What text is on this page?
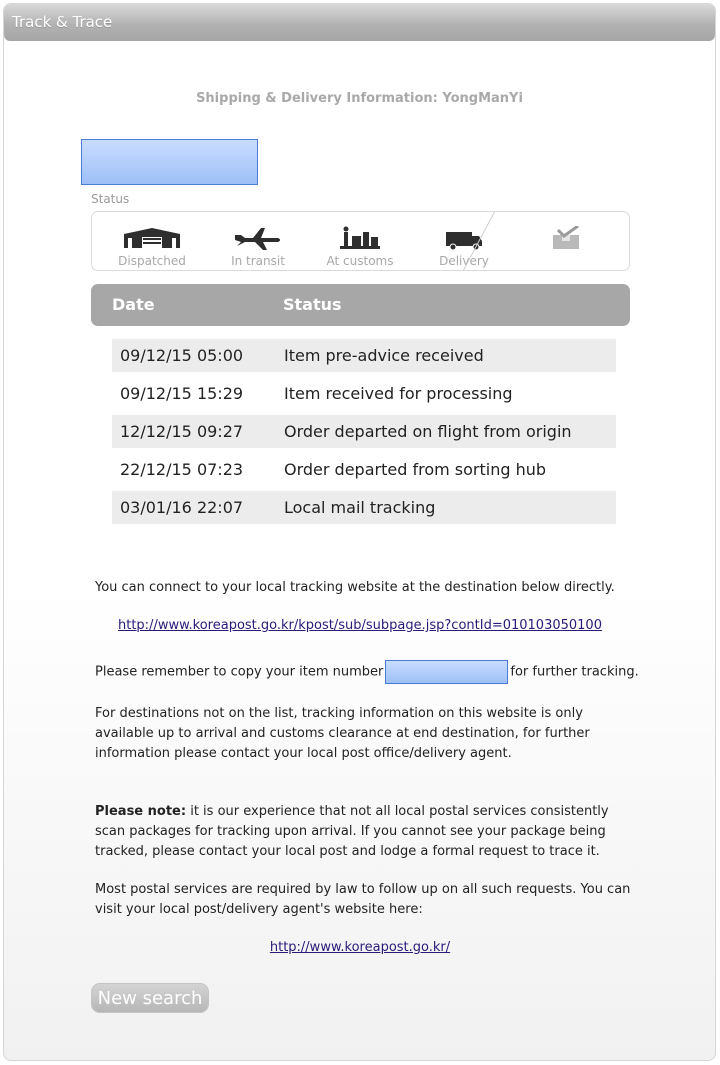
Track & Trace
Shipping & Delivery Information: YongManYi
Status
Dispatched	In transit	At customs	Delivery
Date	Status
09/12/15 05:00	Item pre-advice received
09/12/15 15:29	Item received for processing
12/12/15 09:27	Order departed on flight from origin
22/12/15 07:23	Order departed from sorting hub
03/01/16 22:07	Local mail tracking
You can connect to your local tracking website at the destination below directly.
http://www.koreapost.go.kr/kpost/sub/subpage.jsp?contId=010103050100
Please remember to copy your item number	for further tracking.
For destinations not on the list, tracking information on this website is only available up to arrival and customs clearance at end destination, for further information please contact your local post office/delivery agent.
Please note: it is our experience that not all local postal services consistently scan packages for tracking upon arrival. If you cannot see your package being tracked, please contact your local post and lodge a formal request to trace it.
Most postal services are required by law to follow up on all such requests. You can visit your local post/delivery agent's website here:
http://www.koreapost.go.kr/
New search
